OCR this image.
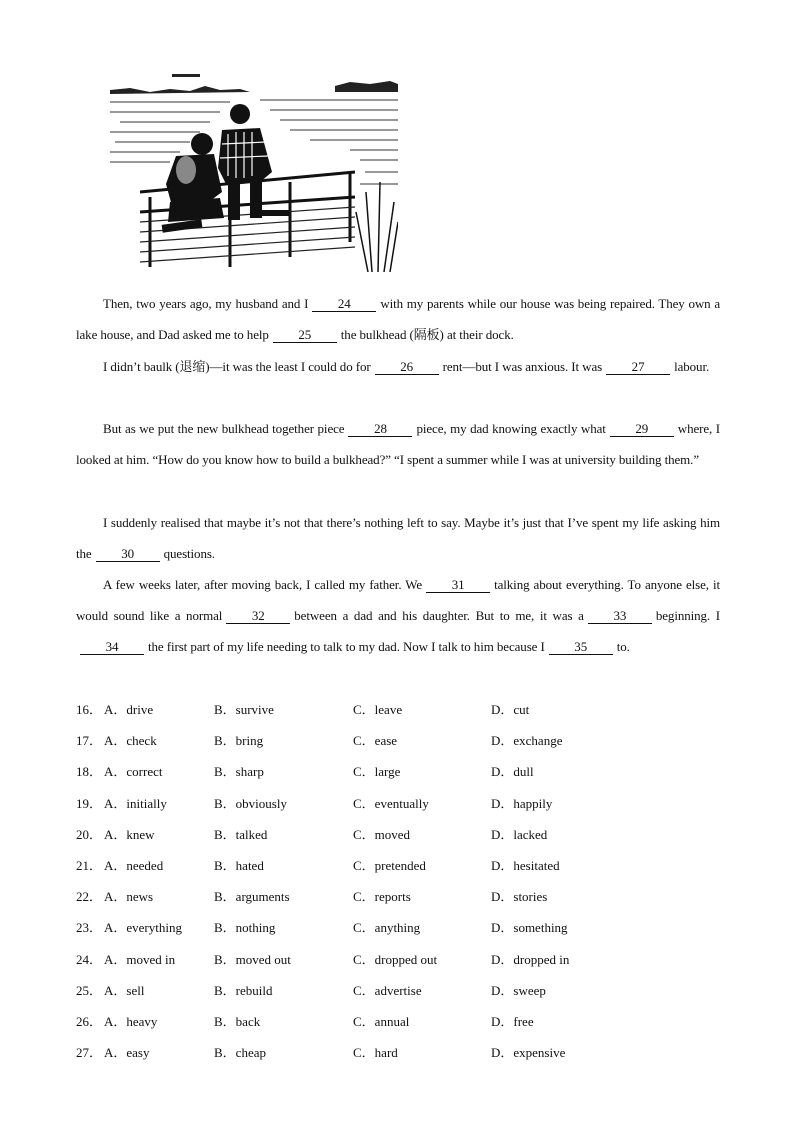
Then, two years ago, my husband and I 24 with my parents while our house was being repaired. They own a lake house, and Dad asked me to help 25 the bulkhead (隔板) at their dock.

I didn’t baulk (退缩)—it was the least I could do for 26 rent—but I was anxious. It was 27 labour.

But as we put the new bulkhead together piece 28 piece, my dad knowing exactly what 29 where, I looked at him. “How do you know how to build a bulkhead?” “I spent a summer while I was at university building them.”

I suddenly realised that maybe it’s not that there’s nothing left to say. Maybe it’s just that I’ve spent my life asking him the 30 questions.

A few weeks later, after moving back, I called my father. We 31 talking about everything. To anyone else, it would sound like a normal 32 between a dad and his daughter. But to me, it was a 33 beginning. I34 the first part of my life needing to talk to my dad. Now I talk to him because I 35 to.

16． A．drive	B．survive	C．leave	D．cut
17． A．check	B．bring	C．ease	D．exchange
18． A．correct	B．sharp	C．large	D．dull
19． A．initially	B．obviously	C．eventually	D．happily
20． A．knew	B．talked	C．moved	D．lacked
21． A．needed	B．hated	C．pretended	D．hesitated
22． A．news	B．arguments	C．reports	D．stories
23． A．everything B．nothing	C．anything	D．something
24． A．moved in	B．moved out	C．dropped out	D．dropped in
25． A．sell	B．rebuild	C．advertise	D．sweep
26． A．heavy	B．back	C．annual	D．free
27． A．easy	B．cheap	C．hard	D．expensive
